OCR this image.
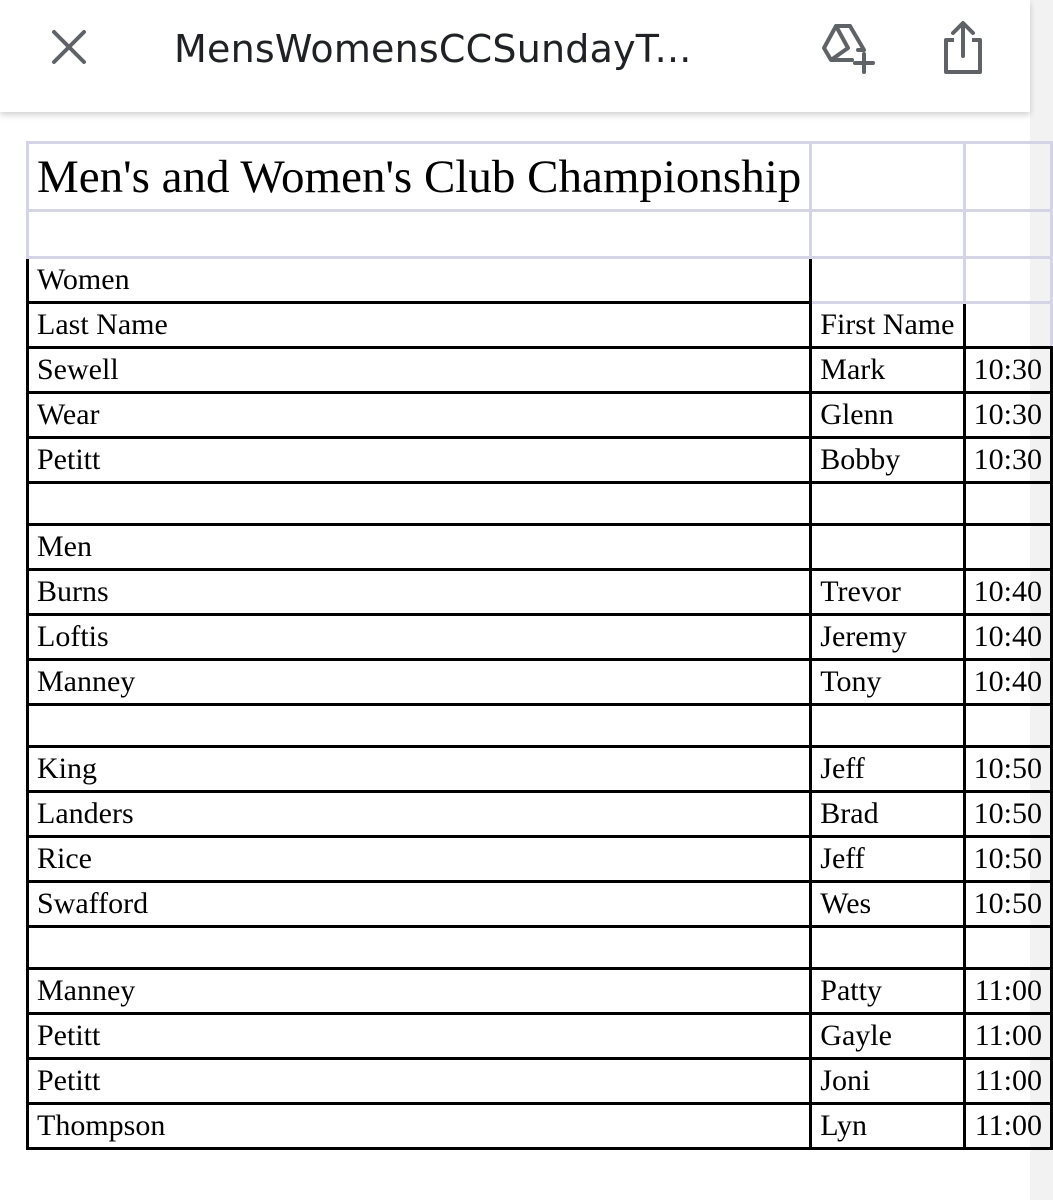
MensWomensCCSundayT...
Men's and Women's Club Championship		

Women		
Last Name	First Name	
Sewell	Mark	10:30
Wear	Glenn	10:30
Petitt	Bobby	10:30

Men		
Burns	Trevor	10:40
Loftis	Jeremy	10:40
Manney	Tony	10:40

King	Jeff	10:50
Landers	Brad	10:50
Rice	Jeff	10:50
Swafford	Wes	10:50

Manney	Patty	11:00
Petitt	Gayle	11:00
Petitt	Joni	11:00
Thompson	Lyn	11:00
